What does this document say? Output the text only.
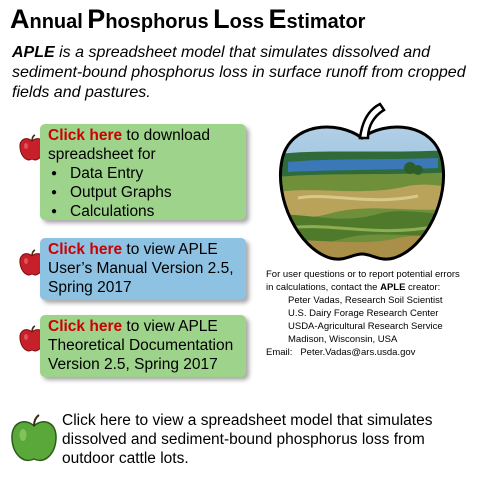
Annual Phosphorus Loss Estimator
APLE is a spreadsheet model that simulates dissolved and sediment-bound phosphorus loss in surface runoff from cropped fields and pastures.
Click here to download spreadsheet for
● Data Entry
● Output Graphs
● Calculations
Click here to view APLE User’s Manual Version 2.5, Spring 2017
Click here to view APLE Theoretical Documentation Version 2.5, Spring 2017
For user questions or to report potential errors
in calculations, contact the APLE creator:
Peter Vadas, Research Soil Scientist
U.S. Dairy Forage Research Center
USDA-Agricultural Research Service
Madison, Wisconsin, USA
Email: Peter.Vadas@ars.usda.gov
Click here to view a spreadsheet model that simulates dissolved and sediment-bound phosphorus loss from outdoor cattle lots.
